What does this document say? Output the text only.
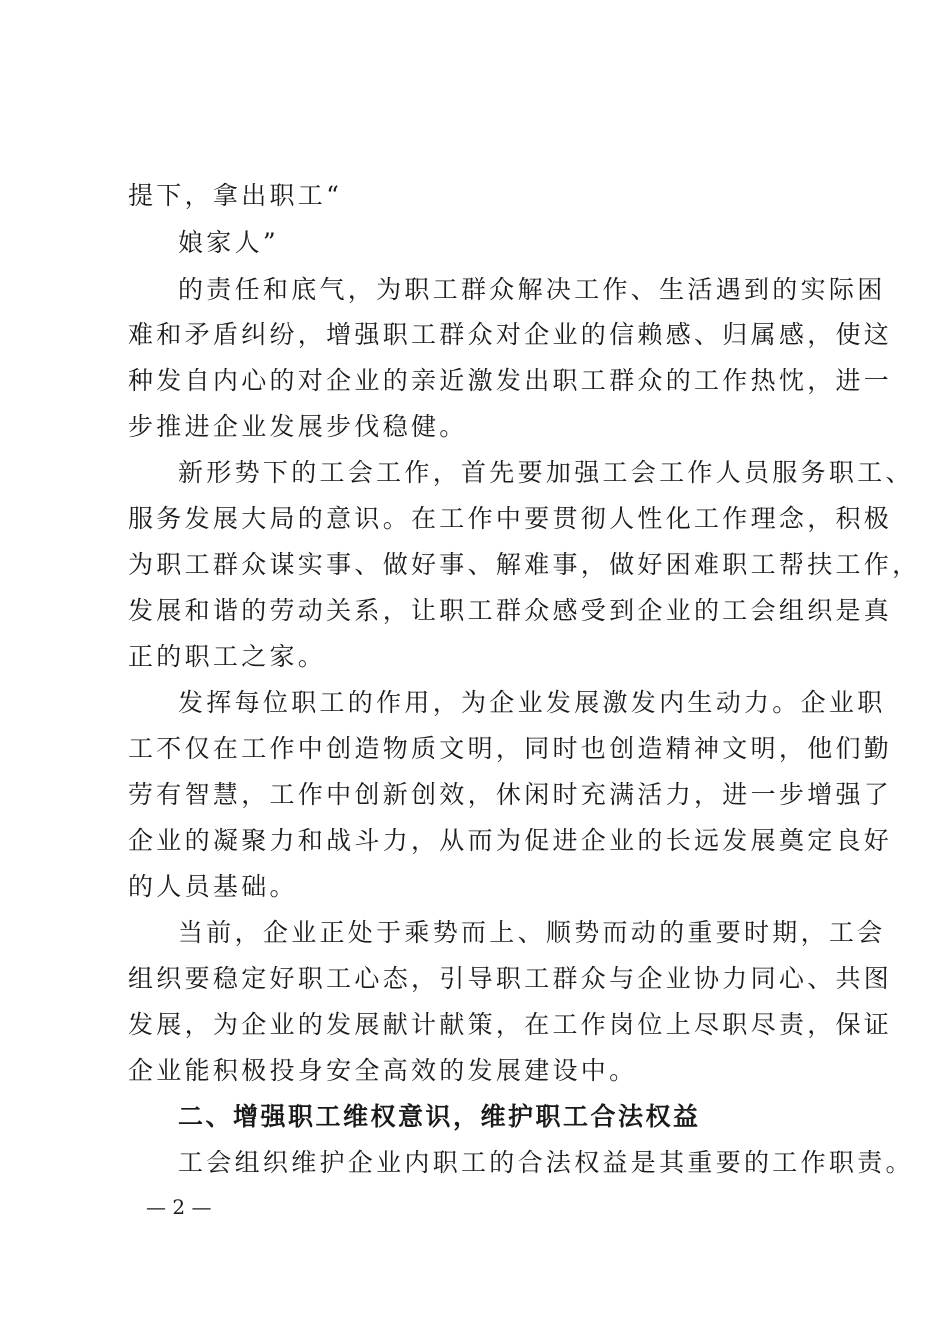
提下，拿出职工“
娘家人”
的责任和底气，为职工群众解决工作、生活遇到的实际困
难和矛盾纠纷，增强职工群众对企业的信赖感、归属感，使这
种发自内心的对企业的亲近激发出职工群众的工作热忱，进一
步推进企业发展步伐稳健。
新形势下的工会工作，首先要加强工会工作人员服务职工、
服务发展大局的意识。在工作中要贯彻人性化工作理念，积极
为职工群众谋实事、做好事、解难事，做好困难职工帮扶工作，
发展和谐的劳动关系，让职工群众感受到企业的工会组织是真
正的职工之家。
发挥每位职工的作用，为企业发展激发内生动力。企业职
工不仅在工作中创造物质文明，同时也创造精神文明，他们勤
劳有智慧，工作中创新创效，休闲时充满活力，进一步增强了
企业的凝聚力和战斗力，从而为促进企业的长远发展奠定良好
的人员基础。
当前，企业正处于乘势而上、顺势而动的重要时期，工会
组织要稳定好职工心态，引导职工群众与企业协力同心、共图
发展，为企业的发展献计献策，在工作岗位上尽职尽责，保证
企业能积极投身安全高效的发展建设中。
二、增强职工维权意识，维护职工合法权益
工会组织维护企业内职工的合法权益是其重要的工作职责。
— 2 —
